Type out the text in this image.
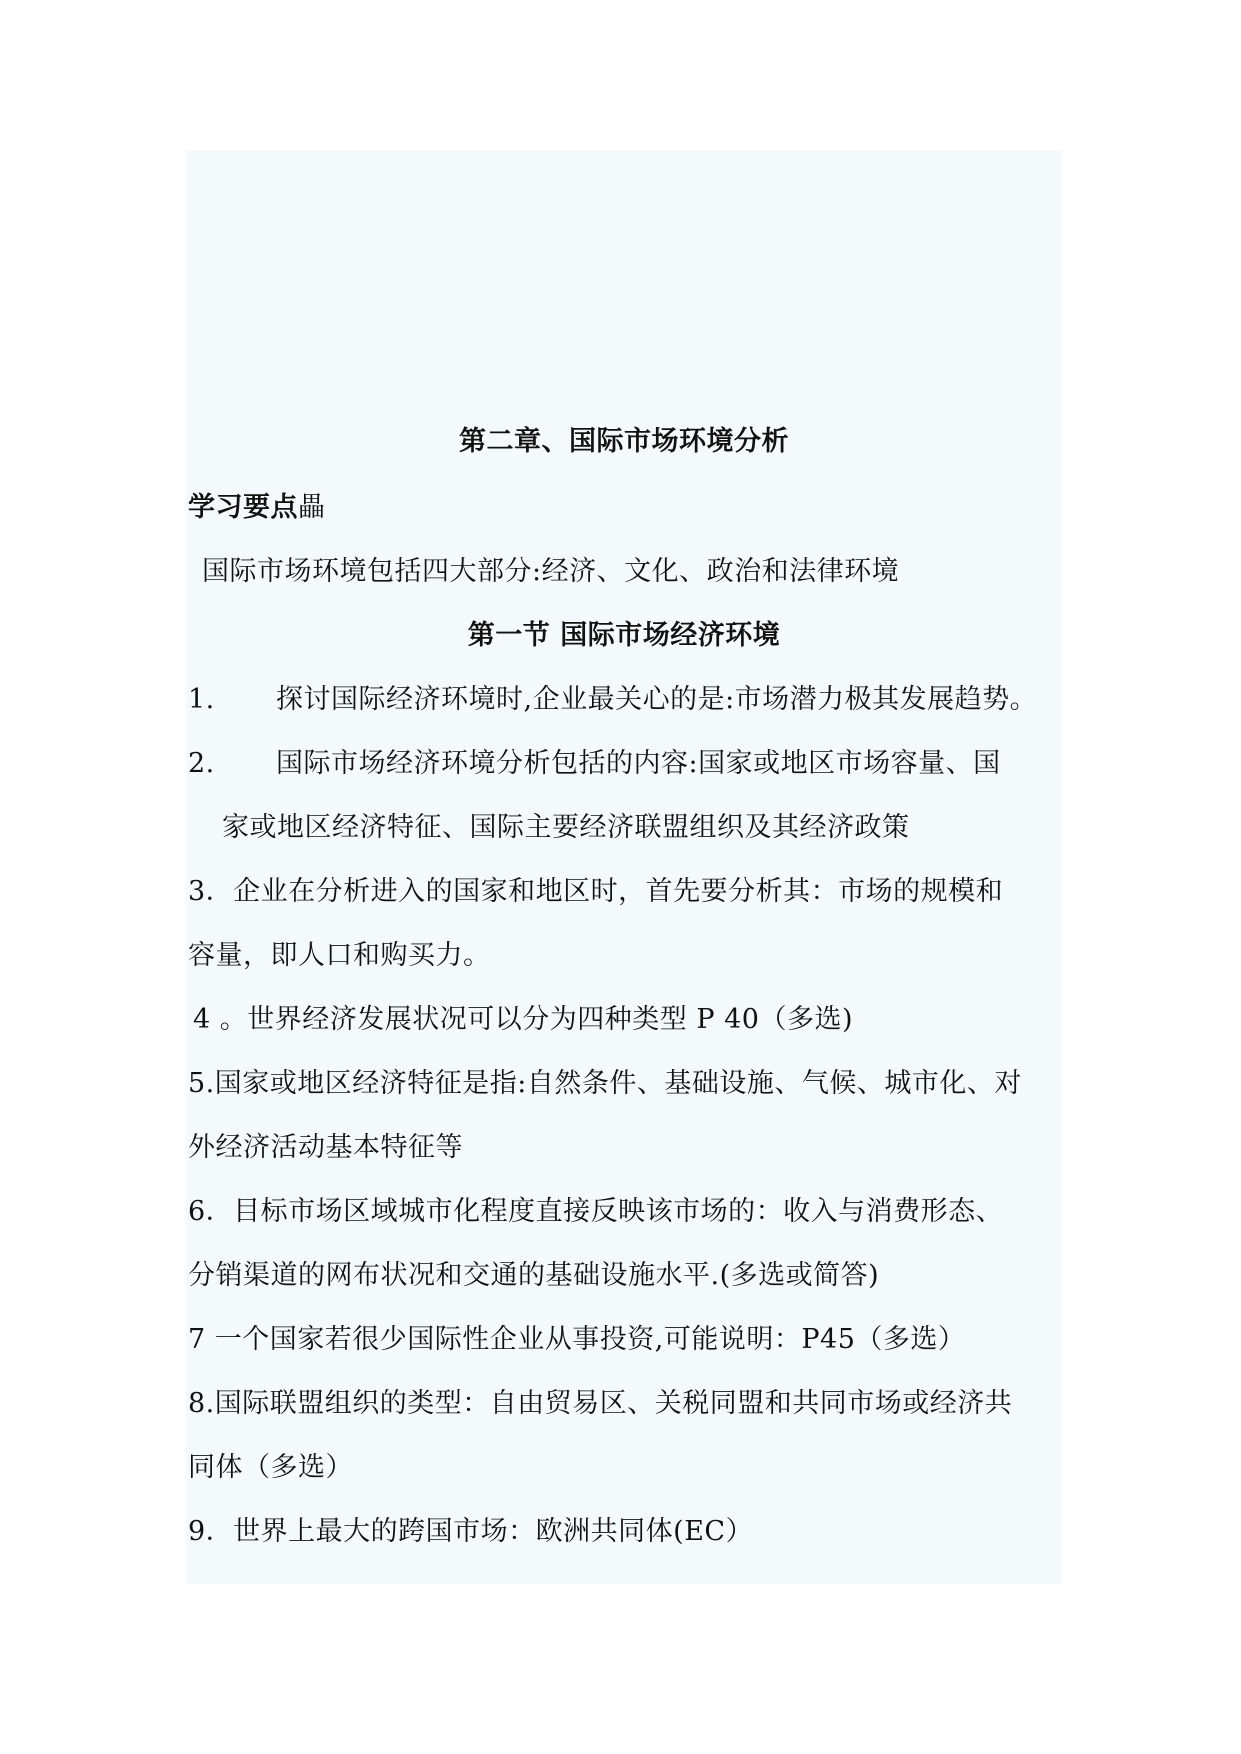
第二章、国际市场环境分析
学习要点畾
国际市场环境包括四大部分:经济、文化、政治和法律环境
第一节 国际市场经济环境
1. 探讨国际经济环境时,企业最关心的是:市场潜力极其发展趋势。
2. 国际市场经济环境分析包括的内容:国家或地区市场容量、国
家或地区经济特征、国际主要经济联盟组织及其经济政策
3．企业在分析进入的国家和地区时，首先要分析其：市场的规模和
容量，即人口和购买力。
4 。世界经济发展状况可以分为四种类型 P 40（多选)
5.国家或地区经济特征是指:自然条件、基础设施、气候、城市化、对
外经济活动基本特征等
6．目标市场区域城市化程度直接反映该市场的：收入与消费形态、
分销渠道的网布状况和交通的基础设施水平.(多选或简答)
7 一个国家若很少国际性企业从事投资,可能说明：P45（多选）
8.国际联盟组织的类型：自由贸易区、关税同盟和共同市场或经济共
同体（多选）
9．世界上最大的跨国市场：欧洲共同体(EC）
